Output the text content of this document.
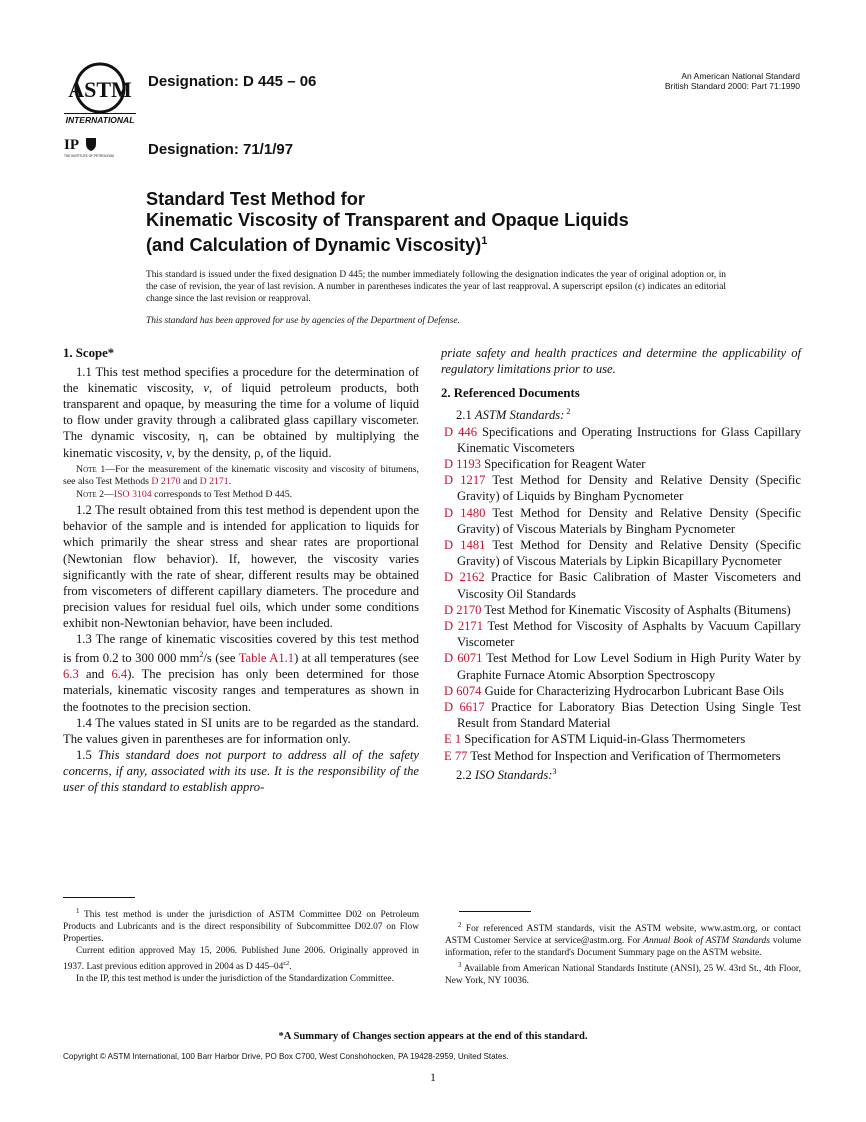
ASTM
INTERNATIONAL
IP
THE INSTITUTE OF PETROLEUM
Designation: D 445 – 06
Designation: 71/1/97
An American National Standard
British Standard 2000: Part 71:1990
Standard Test Method for
Kinematic Viscosity of Transparent and Opaque Liquids
(and Calculation of Dynamic Viscosity)$^1$
This standard is issued under the fixed designation D 445; the number immediately following the designation indicates the year of original adoption or, in the case of revision, the year of last revision. A number in parentheses indicates the year of last reapproval. A superscript epsilon (ϵ) indicates an editorial change since the last revision or reapproval.
This standard has been approved for use by agencies of the Department of Defense.
1. Scope*
1.1 This test method specifies a procedure for the determination of the kinematic viscosity, ν, of liquid petroleum products, both transparent and opaque, by measuring the time for a volume of liquid to flow under gravity through a calibrated glass capillary viscometer. The dynamic viscosity, η, can be obtained by multiplying the kinematic viscosity, ν, by the density, ρ, of the liquid.
Note 1—For the measurement of the kinematic viscosity and viscosity of bitumens, see also Test Methods D 2170 and D 2171.
Note 2—ISO 3104 corresponds to Test Method D 445.
1.2 The result obtained from this test method is dependent upon the behavior of the sample and is intended for application to liquids for which primarily the shear stress and shear rates are proportional (Newtonian flow behavior). If, however, the viscosity varies significantly with the rate of shear, different results may be obtained from viscometers of different capillary diameters. The procedure and precision values for residual fuel oils, which under some conditions exhibit non-Newtonian behavior, have been included.
1.3 The range of kinematic viscosities covered by this test method is from 0.2 to 300 000 $mm^2/s$ (see Table A1.1) at all temperatures (see 6.3 and 6.4). The precision has only been determined for those materials, kinematic viscosity ranges and temperatures as shown in the footnotes to the precision section.
1.4 The values stated in SI units are to be regarded as the standard. The values given in parentheses are for information only.
1.5 This standard does not purport to address all of the safety concerns, if any, associated with its use. It is the responsibility of the user of this standard to establish appro-
priate safety and health practices and determine the applicability of regulatory limitations prior to use.
2. Referenced Documents
2.1 ASTM Standards: $^2$
D 446 Specifications and Operating Instructions for Glass Capillary Kinematic Viscometers
D 1193 Specification for Reagent Water
D 1217 Test Method for Density and Relative Density (Specific Gravity) of Liquids by Bingham Pycnometer
D 1480 Test Method for Density and Relative Density (Specific Gravity) of Viscous Materials by Bingham Pycnometer
D 1481 Test Method for Density and Relative Density (Specific Gravity) of Viscous Materials by Lipkin Bicapillary Pycnometer
D 2162 Practice for Basic Calibration of Master Viscometers and Viscosity Oil Standards
D 2170 Test Method for Kinematic Viscosity of Asphalts (Bitumens)
D 2171 Test Method for Viscosity of Asphalts by Vacuum Capillary Viscometer
D 6071 Test Method for Low Level Sodium in High Purity Water by Graphite Furnace Atomic Absorption Spectroscopy
D 6074 Guide for Characterizing Hydrocarbon Lubricant Base Oils
D 6617 Practice for Laboratory Bias Detection Using Single Test Result from Standard Material
E 1 Specification for ASTM Liquid-in-Glass Thermometers
E 77 Test Method for Inspection and Verification of Thermometers
2.2 ISO Standards:$^3$

$^1$ This test method is under the jurisdiction of ASTM Committee D02 on Petroleum Products and Lubricants and is the direct responsibility of Subcommittee D02.07 on Flow Properties.

Current edition approved May 15, 2006. Published June 2006. Originally approved in 1937. Last previous edition approved in 2004 as D $445-04^{\varepsilon 2}$.

In the IP, this test method is under the jurisdiction of the Standardization Committee.

$^2$ For referenced ASTM standards, visit the ASTM website, www.astm.org, or contact ASTM Customer Service at service@astm.org. For Annual Book of ASTM Standards volume information, refer to the standard's Document Summary page on the ASTM website.

$^3$ Available from American National Standards Institute (ANSI), 25 W. 43rd St., 4th Floor, New York, NY 10036.

*A Summary of Changes section appears at the end of this standard.
Copyright © ASTM International, 100 Barr Harbor Drive, PO Box C700, West Conshohocken, PA 19428-2959, United States.
1
